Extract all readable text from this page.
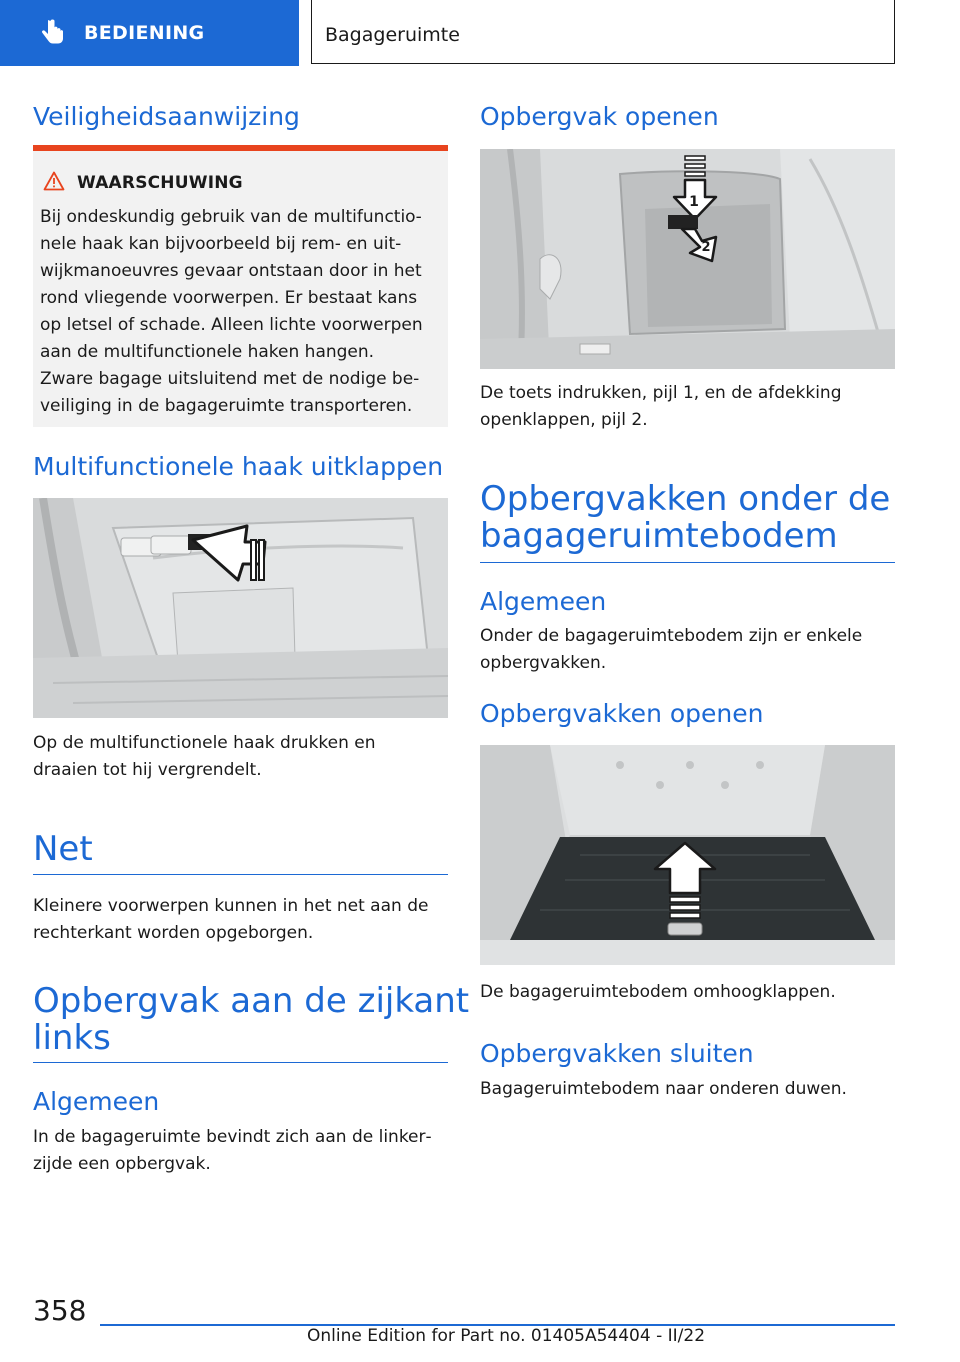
BEDIENING	Bagageruimte
Veiligheidsaanwijzing
WAARSCHUWING
Bij ondeskundig gebruik van de multifunctio‐
nele haak kan bijvoorbeeld bij rem- en uit‐
wijkmanoeuvres gevaar ontstaan door in het
rond vliegende voorwerpen. Er bestaat kans
op letsel of schade. Alleen lichte voorwerpen
aan de multifunctionele haken hangen.
Zware bagage uitsluitend met de nodige be‐
veiliging in de bagageruimte transporteren.
Multifunctionele haak uitklappen
Op de multifunctionele haak drukken en
draaien tot hij vergrendelt.
Net
Kleinere voorwerpen kunnen in het net aan de
rechterkant worden opgeborgen.
Opbergvak aan de zijkant
links
Algemeen
In de bagageruimte bevindt zich aan de linker‐
zijde een opbergvak.
Opbergvak openen
1
2
De toets indrukken, pijl 1, en de afdekking
openklappen, pijl 2.
Opbergvakken onder de
bagageruimtebodem
Algemeen
Onder de bagageruimtebodem zijn er enkele
opbergvakken.
Opbergvakken openen
De bagageruimtebodem omhoogklappen.
Opbergvakken sluiten
Bagageruimtebodem naar onderen duwen.
358
Online Edition for Part no. 01405A54404 - II/22
